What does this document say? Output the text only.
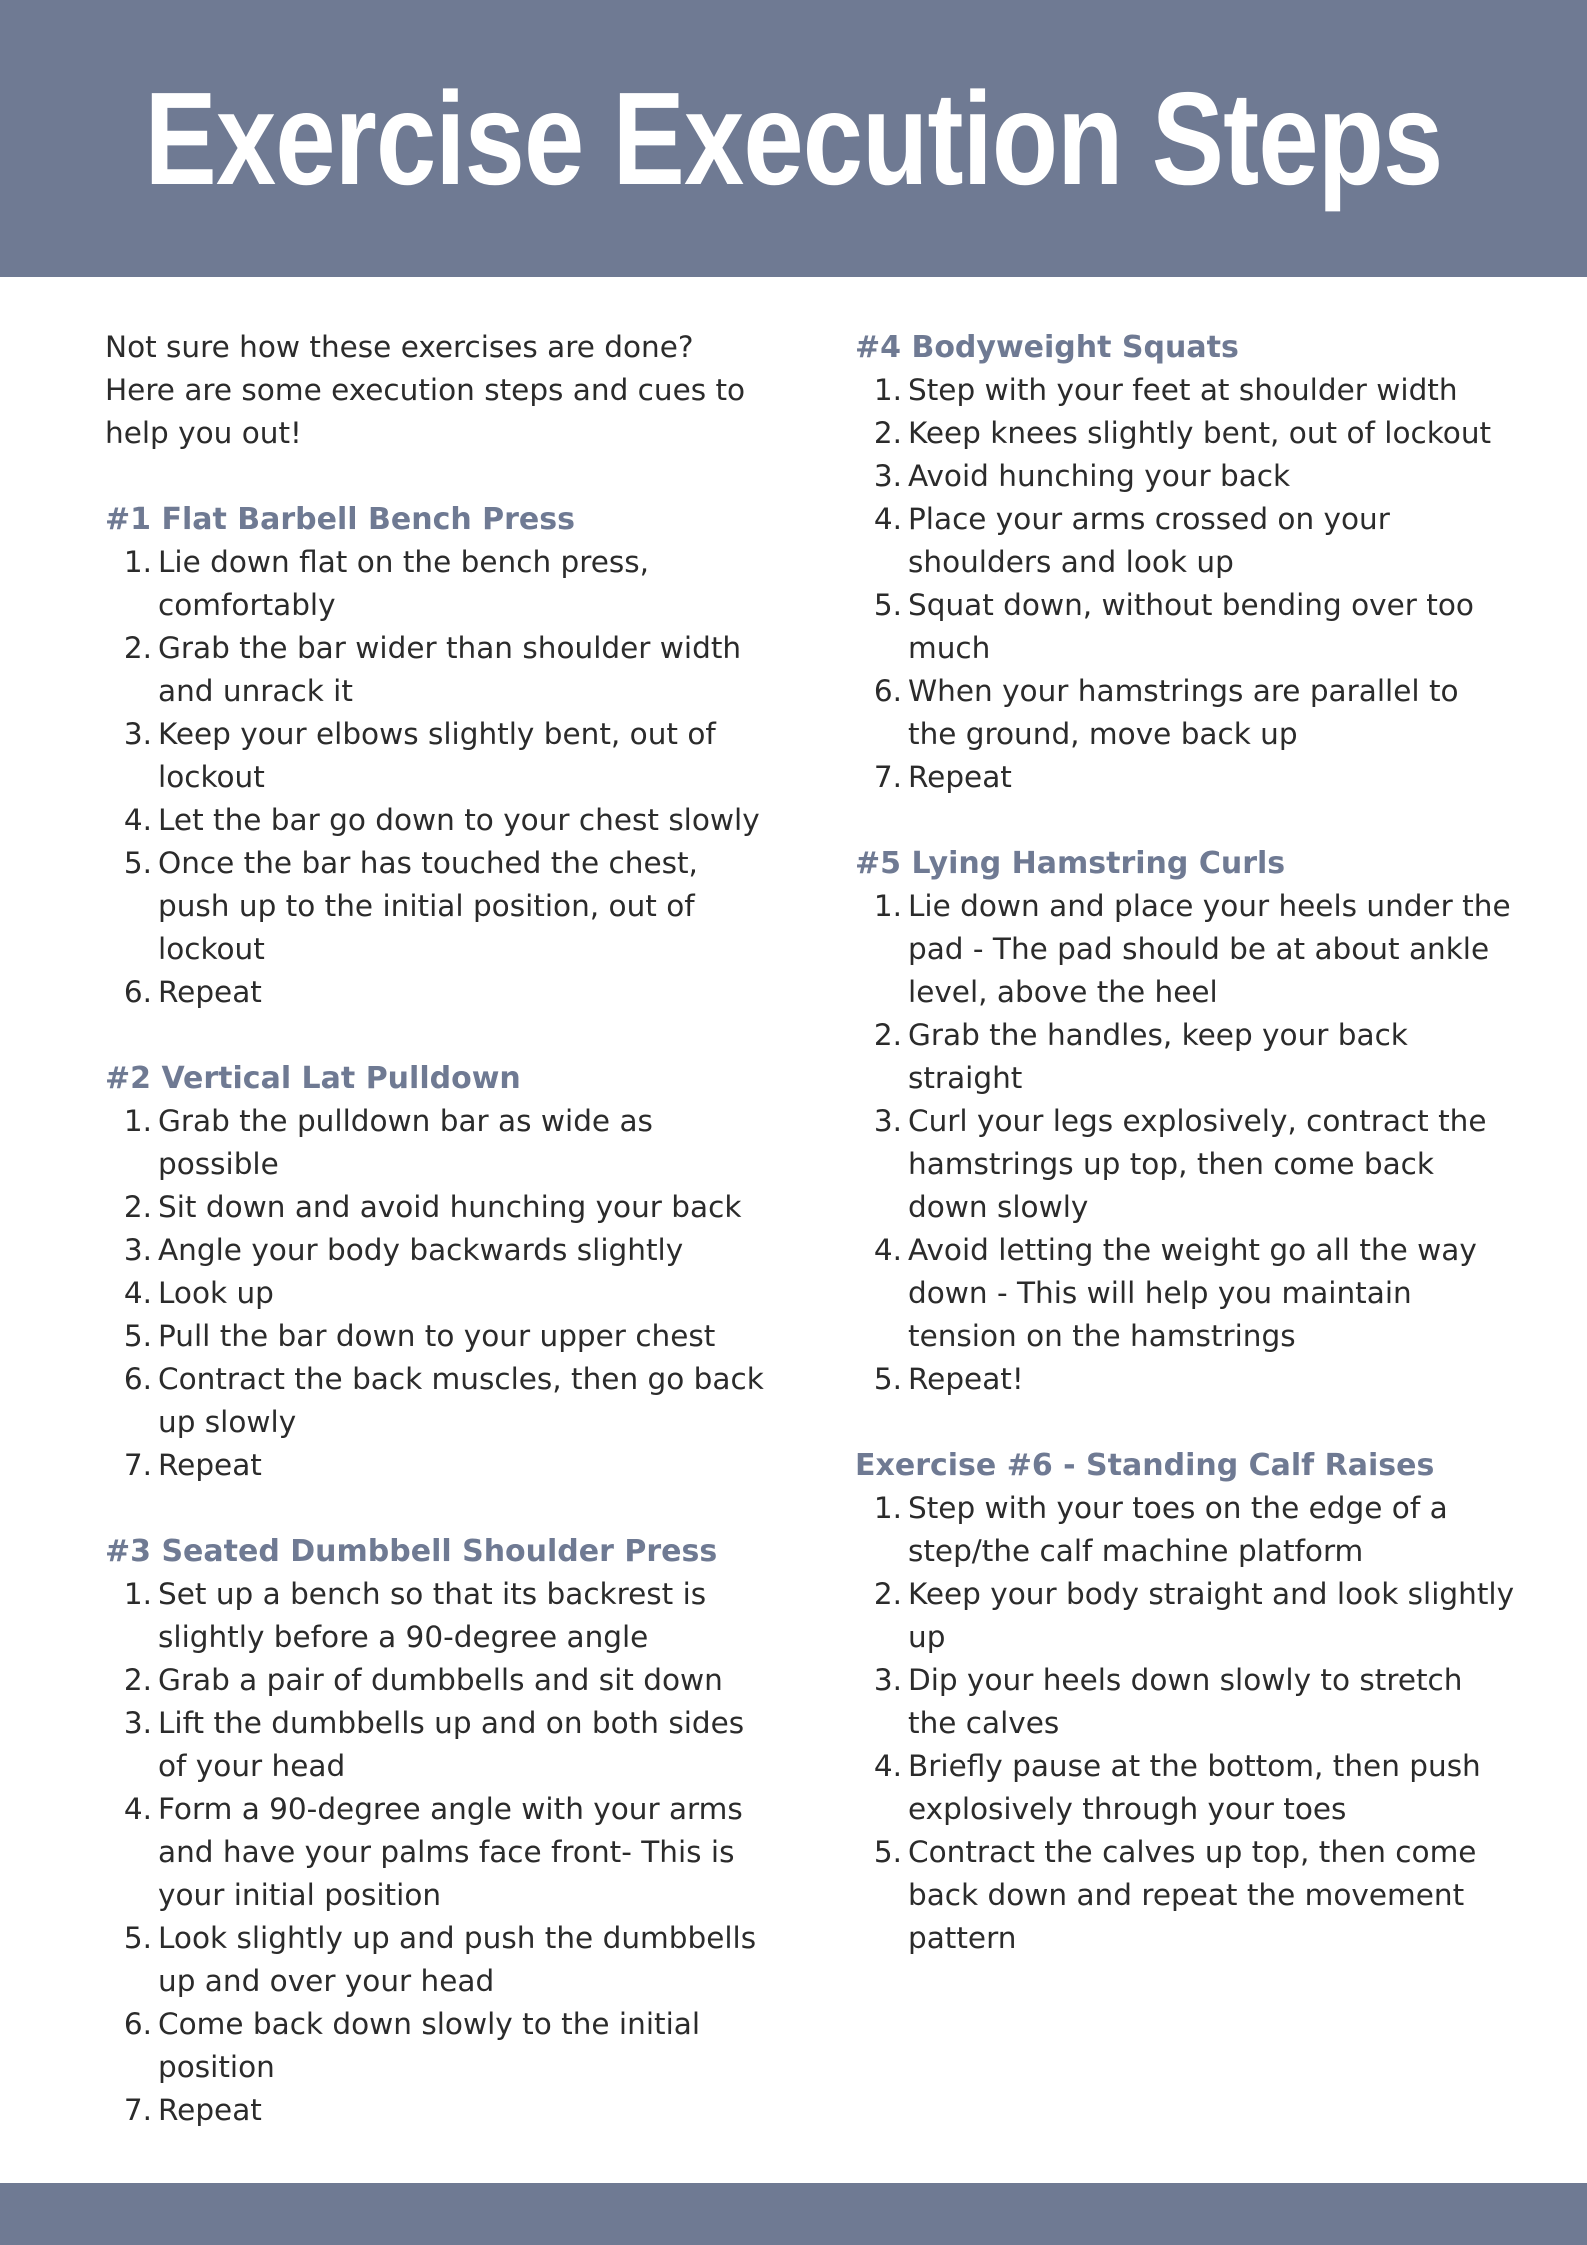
Exercise Execution Steps

Not sure how these exercises are done? Here are some execution steps and cues to help you out!

#1 Flat Barbell Bench Press
1. Lie down flat on the bench press, comfortably
2. Grab the bar wider than shoulder width and unrack it
3. Keep your elbows slightly bent, out of lockout
4. Let the bar go down to your chest slowly
5. Once the bar has touched the chest, push up to the initial position, out of lockout
6. Repeat
#2 Vertical Lat Pulldown
1. Grab the pulldown bar as wide as possible
2. Sit down and avoid hunching your back
3. Angle your body backwards slightly
4. Look up
5. Pull the bar down to your upper chest
6. Contract the back muscles, then go back up slowly
7. Repeat
#3 Seated Dumbbell Shoulder Press
1. Set up a bench so that its backrest is slightly before a 90-degree angle
2. Grab a pair of dumbbells and sit down
3. Lift the dumbbells up and on both sides of your head
4. Form a 90-degree angle with your arms and have your palms face front- This is your initial position
5. Look slightly up and push the dumbbells up and over your head
6. Come back down slowly to the initial position
7. Repeat
#4 Bodyweight Squats
1. Step with your feet at shoulder width
2. Keep knees slightly bent, out of lockout
3. Avoid hunching your back
4. Place your arms crossed on your shoulders and look up
5. Squat down, without bending over too much
6. When your hamstrings are parallel to the ground, move back up
7. Repeat
#5 Lying Hamstring Curls
1. Lie down and place your heels under the pad - The pad should be at about ankle level, above the heel
2. Grab the handles, keep your back straight
3. Curl your legs explosively, contract the hamstrings up top, then come back down slowly
4. Avoid letting the weight go all the way down - This will help you maintain tension on the hamstrings
5. Repeat!
Exercise #6 - Standing Calf Raises
1. Step with your toes on the edge of a step/the calf machine platform
2. Keep your body straight and look slightly up
3. Dip your heels down slowly to stretch the calves
4. Briefly pause at the bottom, then push explosively through your toes
5. Contract the calves up top, then come back down and repeat the movement pattern
